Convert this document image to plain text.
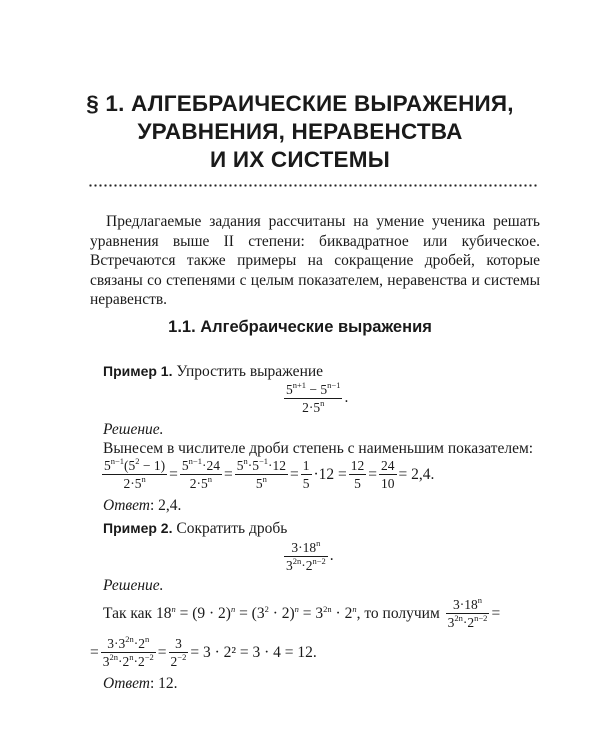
§ 1. АЛГЕБРАИЧЕСКИЕ ВЫРАЖЕНИЯ,
УРАВНЕНИЯ, НЕРАВЕНСТВА
И ИХ СИСТЕМЫ

Предлагаемые задания рассчитаны на умение ученика решать уравнения выше II степени: биквадратное или кубическое. Встречаются также примеры на сокращение дробей, которые связаны со степенями с целым показателем, неравенства и системы неравенств.

1.1. Алгебраические выражения
Пример 1. Упростить выражение
$\frac{5^{n+1} - 5^{n-1}}{2\cdot 5^n}$ .
Решение.
Вынесем в числителе дроби степень с наименьшим показателем:
$\frac{5^{n-1}(5^2 - 1)}{2\cdot 5^n} = \frac{5^{n-1}\cdot 24}{2\cdot 5^n} = \frac{5^n\cdot 5^{-1}\cdot 12}{5^n} = \frac{1}{5} \cdot 12 = \frac{12}{5} = \frac{24}{10} = 2,4$.
Ответ: 2,4.
Пример 2. Сократить дробь
$\frac{3\cdot 18^n}{3^{2n}\cdot 2^{n-2}}$ .
Решение.
Так как $18^n = (9 \cdot 2)^n = (3^2 \cdot 2)^n = 3^{2n} \cdot 2^n$, то получим $\frac{3\cdot 18^n}{3^{2n}\cdot 2^{n-2}}$ =
= $\frac{3\cdot 3^{2n}\cdot 2^n}{3^{2n}\cdot 2^n\cdot 2^{-2}} = \frac{3}{2^{-2}} = 3 \cdot 2^2 = 3 \cdot 4 = 12$.
Ответ: 12.
